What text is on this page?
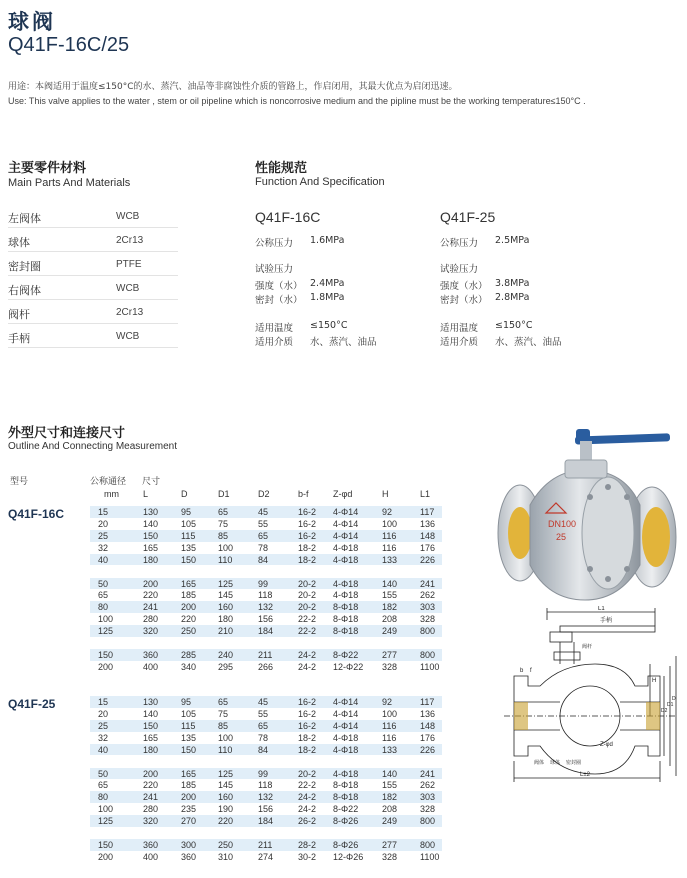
球阀
Q41F-16C/25
用途：本阀适用于温度≤150°C的水、蒸汽、油品等非腐蚀性介质的管路上，作启闭用，其最大优点为启闭迅速。
Use: This valve applies to the water , stem or oil pipeline which is noncorrosive medium and the pipline must be the working temperature≤150°C .
主要零件材料
Main Parts And Materials
左阀体	WCB
球体	2Cr13
密封圈	PTFE
右阀体	WCB
阀杆	2Cr13
手柄	WCB
性能规范
Function And Specification
Q41F-16C
公称压力 1.6MPa
试验压力
强度（水） 2.4MPa
密封（水） 1.8MPa
适用温度 ≤150°C
适用介质 水、蒸汽、油品
Q41F-25
公称压力 2.5MPa
试验压力
强度（水） 3.8MPa
密封（水） 2.8MPa
适用温度 ≤150°C
适用介质 水、蒸汽、油品
外型尺寸和连接尺寸
Outline And Connecting Measurement
型号	公称通径
mm
尺寸
L	D	D1	D2	b-f	Z-φd	H	L1
Q41F-16C	15	130	95	65	45	16-2 4-Φ14	92	117
20	140	105 75	55	16-2 4-Φ14	100	136
25	150	115	85	65	16-2 4-Φ14	116	148
32	165	135 100	78	18-2 4-Φ18	116	176
40	180	150 110	84	18-2 4-Φ18	133	226
50	200	165 125	99	20-2 4-Φ18	140	241
65	220	185 145	118	20-2 4-Φ18	155	262
80	241	200 160	132	20-2 8-Φ18	182	303
100	280	220 180	156	22-2 8-Φ18	208	328
125	320	250 210	184	22-2 8-Φ18	249	800
150	360	285 240	211	24-2 8-Φ22	277	800
200	400	340 295	266	24-2 12-Φ22 328	1100
Q41F-25	15	130	95	65	45	16-2 4-Φ14	92	117
20	140	105 75	55	16-2 4-Φ14	100	136
25	150	115	85	65	16-2 4-Φ14	116	148
32	165	135 100	78	18-2 4-Φ18	116	176
40	180	150 110	84	18-2 4-Φ18	133	226
50	200	165 125	99	20-2 4-Φ18	140	241
65	220	185 145	118	22-2 8-Φ18	155	262
80	241	200 160	132	24-2 8-Φ18	182	303
100	280	235 190	156	24-2 8-Φ22	208	328
125	320	270 220	184	26-2 8-Φ26	249	800
150	360	300 250	211	28-2 8-Φ26	277	800
200	400	360 310	274	30-2 12-Φ26 328	1100
DN100
25
L1
手柄
H
Z-φd
b f
D2
D1
D
L±2
阀体 球体
阀杆
密封圈
